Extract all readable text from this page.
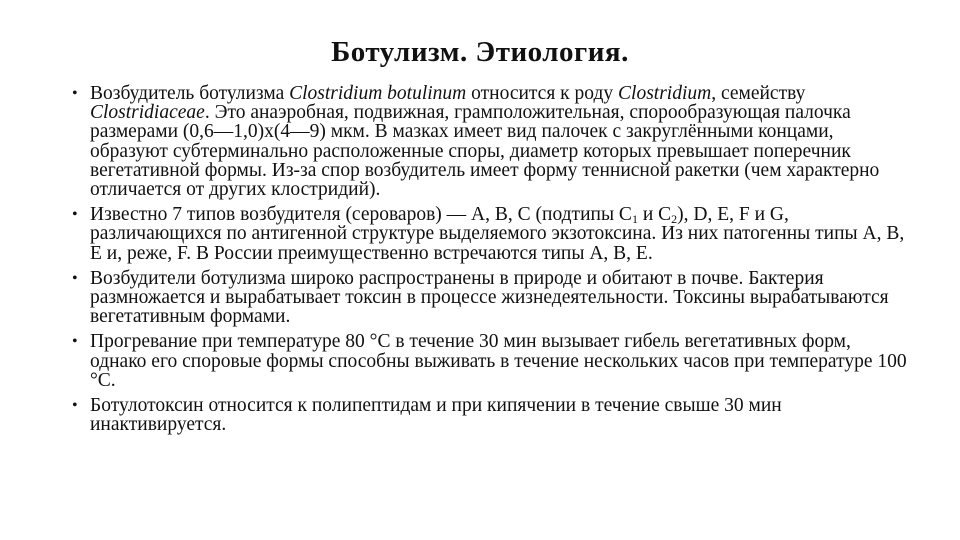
Ботулизм. Этиология.
• Возбудитель ботулизма Clostridium botulinum относится к роду Clostridium, семейству Clostridiaceae. Это анаэробная, подвижная, грамположительная, спорообразующая палочка размерами (0,6—1,0)х(4—9) мкм. В мазках имеет вид палочек с закруглёнными концами, образуют субтерминально расположенные споры, диаметр которых превышает поперечник вегетативной формы. Из-за спор возбудитель имеет форму теннисной ракетки (чем характерно отличается от других клостридий).
• Известно 7 типов возбудителя (сероваров) — А, В, С (подтипы $С_1$ и $С_2$), D, Е, F и G, различающихся по антигенной структуре выделяемого экзотоксина. Из них патогенны типы А, В, Е и, реже, F. В России преимущественно встречаются типы А, В, Е.
• Возбудители ботулизма широко распространены в природе и обитают в почве. Бактерия размножается и вырабатывает токсин в процессе жизнедеятельности. Токсины вырабатываются вегетативным формами.
• Прогревание при температуре 80 °С в течение 30 мин вызывает гибель вегетативных форм, однако его споровые формы способны выживать в течение нескольких часов при температуре 100 °С.
• Ботулотоксин относится к полипептидам и при кипячении в течение свыше 30 мин инактивируется.
